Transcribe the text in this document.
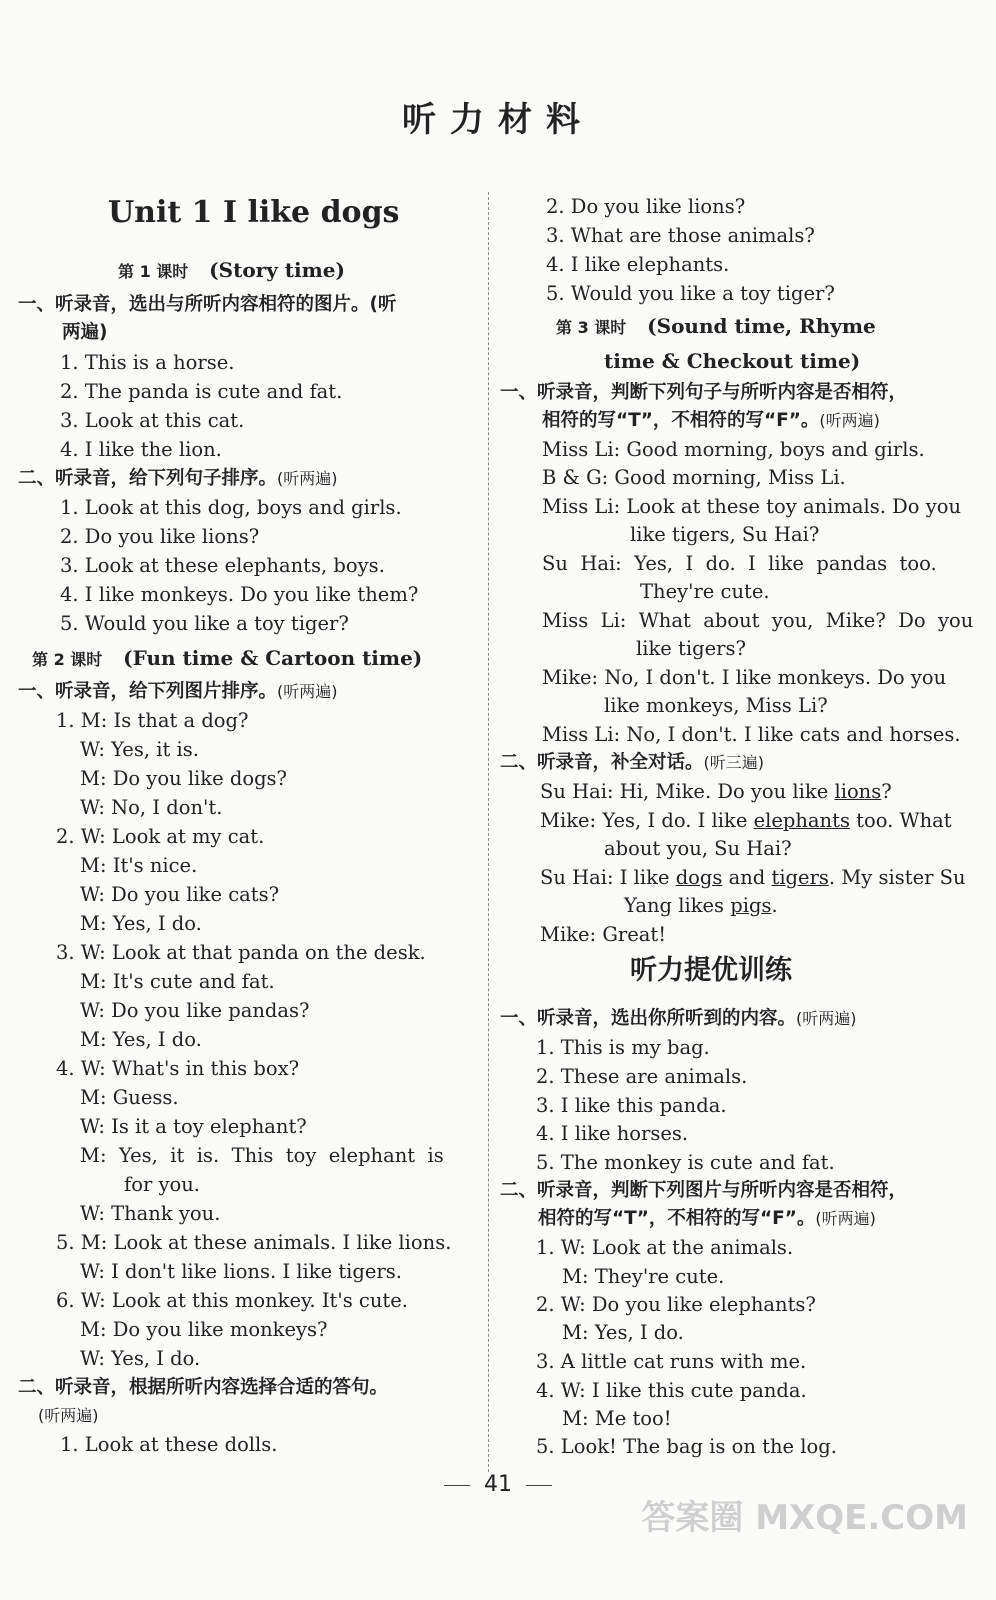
听力材料
Unit 1 I like dogs
第 1 课时 (Story time)
一、听录音，选出与所听内容相符的图片。(听
两遍)
1. This is a horse.
2. The panda is cute and fat.
3. Look at this cat.
4. I like the lion.
二、听录音，给下列句子排序。(听两遍)
1. Look at this dog, boys and girls.
2. Do you like lions?
3. Look at these elephants, boys.
4. I like monkeys. Do you like them?
5. Would you like a toy tiger?
第 2 课时 (Fun time & Cartoon time)
一、听录音，给下列图片排序。(听两遍)
1. M: Is that a dog?
W: Yes, it is.
M: Do you like dogs?
W: No, I don't.
2. W: Look at my cat.
M: It's nice.
W: Do you like cats?
M: Yes, I do.
3. W: Look at that panda on the desk.
M: It's cute and fat.
W: Do you like pandas?
M: Yes, I do.
4. W: What's in this box?
M: Guess.
W: Is it a toy elephant?
M:  Yes,  it  is.  This  toy  elephant  is
for you.
W: Thank you.
5. M: Look at these animals. I like lions.
W: I don't like lions. I like tigers.
6. W: Look at this monkey. It's cute.
M: Do you like monkeys?
W: Yes, I do.
二、听录音，根据所听内容选择合适的答句。
(听两遍)
1. Look at these dolls.
2. Do you like lions?
3. What are those animals?
4. I like elephants.
5. Would you like a toy tiger?
第 3 课时 (Sound time, Rhyme
time & Checkout time)
一、听录音，判断下列句子与所听内容是否相符，
相符的写“T”，不相符的写“F”。(听两遍)
Miss Li: Good morning, boys and girls.
B & G: Good morning, Miss Li.
Miss Li: Look at these toy animals. Do you
like tigers, Su Hai?
Su  Hai:  Yes,  I  do.  I  like  pandas  too.
They're cute.
Miss  Li:  What  about  you,  Mike?  Do  you
like tigers?
Mike: No, I don't. I like monkeys. Do you
like monkeys, Miss Li?
Miss Li: No, I don't. I like cats and horses.
二、听录音，补全对话。(听三遍)
Su Hai: Hi, Mike. Do you like lions?
Mike: Yes, I do. I like elephants too. What
about you, Su Hai?
Su Hai: I like dogs and tigers. My sister Su
Yang likes pigs.
Mike: Great!
听力提优训练
一、听录音，选出你所听到的内容。(听两遍)
1. This is my bag.
2. These are animals.
3. I like this panda.
4. I like horses.
5. The monkey is cute and fat.
二、听录音，判断下列图片与所听内容是否相符，
相符的写“T”，不相符的写“F”。(听两遍)
1. W: Look at the animals.
M: They're cute.
2. W: Do you like elephants?
M: Yes, I do.
3. A little cat runs with me.
4. W: I like this cute panda.
M: Me too!
5. Look! The bag is on the log.
41
答案圈 MXQE.COM
